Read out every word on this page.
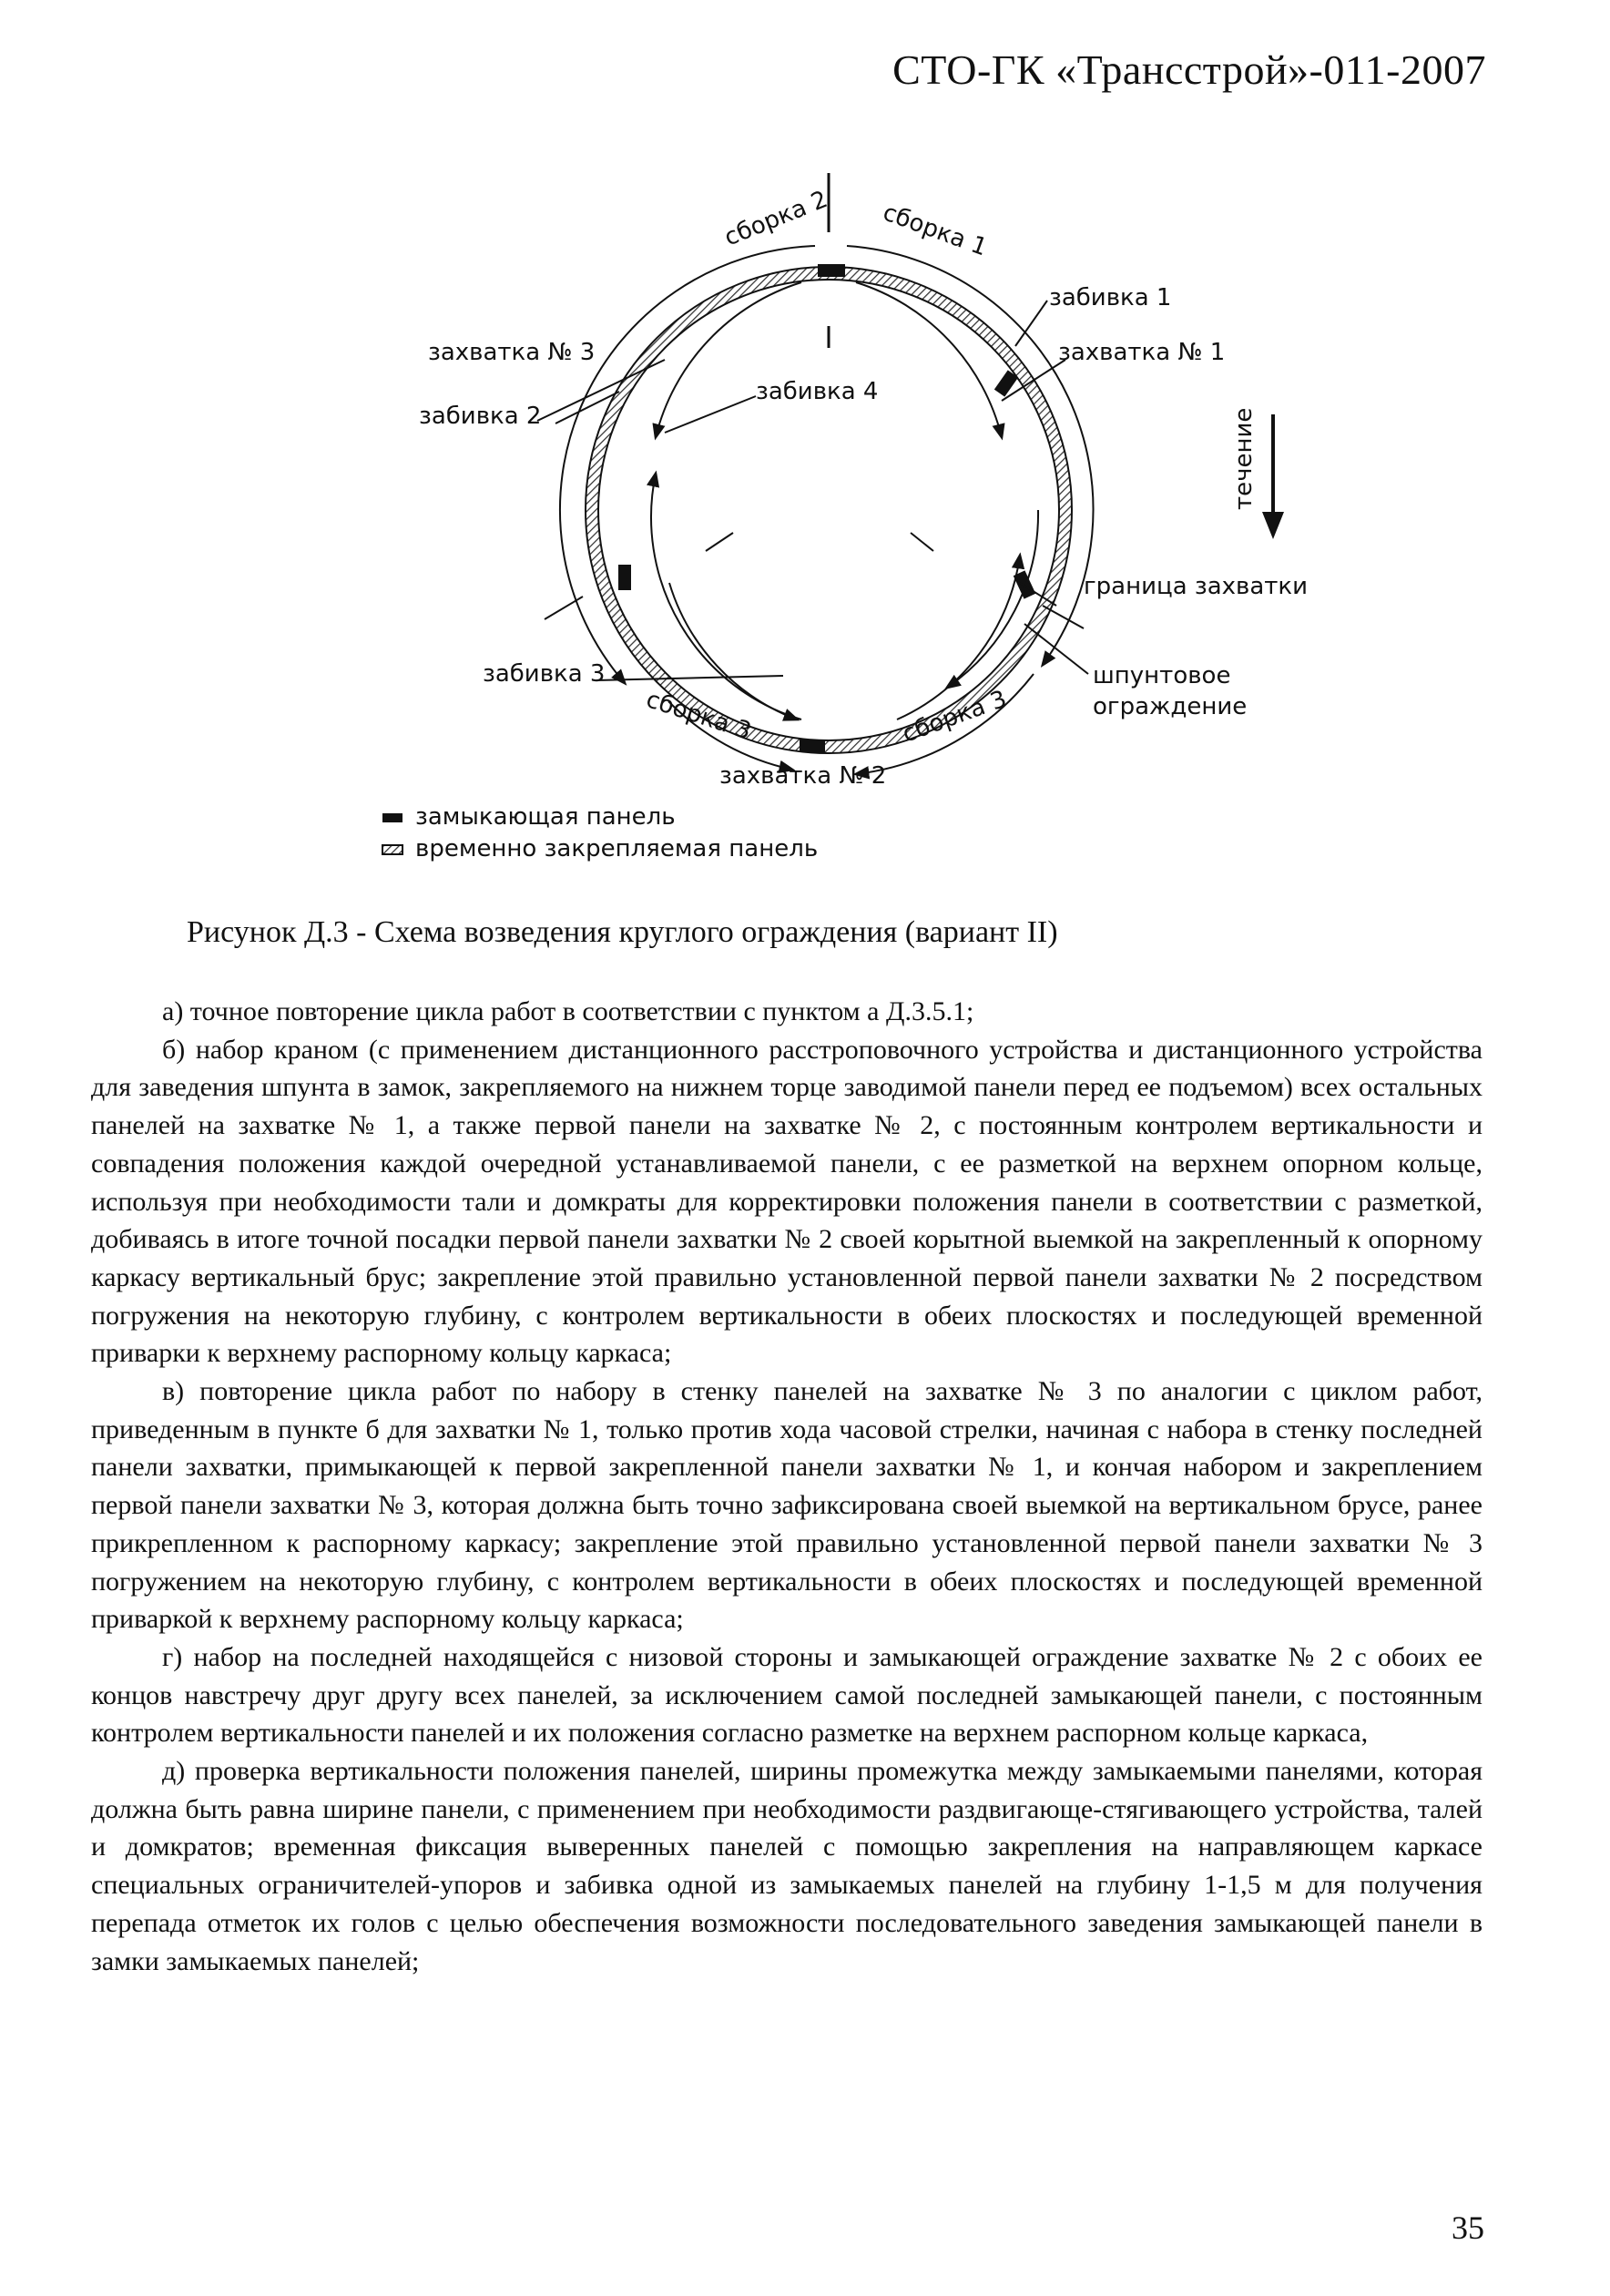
СТО-ГК «Трансстрой»-011-2007
сборка 2 сборка 1
забивка 1
захватка № 1
захватка № 3
забивка 2
забивка 4
течение
граница захватки
забивка 3	шпунтовое
ограждение
сборка 3	сборка 3
захватка № 2
замыкающая панель
временно закрепляемая панель

Рисунок Д.3 - Схема возведения круглого ограждения (вариант II)

а) точное повторение цикла работ в соответствии с пунктом а Д.3.5.1;

б) набор краном (с применением дистанционного расстроповочного устройства и дистанционного устройства для заведения шпунта в замок, закрепляемого на нижнем торце заводимой панели перед ее подъемом) всех остальных панелей на захватке № 1, а также первой панели на захватке № 2, с постоянным контролем вертикальности и совпадения положения каждой очередной устанавливаемой панели, с ее разметкой на верхнем опорном кольце, используя при необходимости тали и домкраты для корректировки положения панели в соответствии с разметкой, добиваясь в итоге точной посадки первой панели захватки № 2 своей корытной выемкой на закрепленный к опорному каркасу вертикальный брус; закрепление этой правильно установленной первой панели захватки № 2 посредством погружения на некоторую глубину, с контролем вертикальности в обеих плоскостях и последующей временной приварки к верхнему распорному кольцу каркаса;

в) повторение цикла работ по набору в стенку панелей на захватке № 3 по аналогии с циклом работ, приведенным в пункте б для захватки № 1, только против хода часовой стрелки, начиная с набора в стенку последней панели захватки, примыкающей к первой закрепленной панели захватки № 1, и кончая набором и закреплением первой панели захватки № 3, которая должна быть точно зафиксирована своей выемкой на вертикальном брусе, ранее прикрепленном к распорному каркасу; закрепление этой правильно установленной первой панели захватки № 3 погружением на некоторую глубину, с контролем вертикальности в обеих плоскостях и последующей временной приваркой к верхнему распорному кольцу каркаса;

г) набор на последней находящейся с низовой стороны и замыкающей ограждение захватке № 2 с обоих ее концов навстречу друг другу всех панелей, за исключением самой последней замыкающей панели, с постоянным контролем вертикальности панелей и их положения согласно разметке на верхнем распорном кольце каркаса,

д) проверка вертикальности положения панелей, ширины промежутка между замыкаемыми панелями, которая должна быть равна ширине панели, с применением при необходимости раздвигающе-стягивающего устройства, талей и домкратов; временная фиксация выверенных панелей с помощью закрепления на направляющем каркасе специальных ограничителей-упоров и забивка одной из замыкаемых панелей на глубину 1-1,5 м для получения перепада отметок их голов с целью обеспечения возможности последовательного заведения замыкающей панели в замки замыкаемых панелей;

35
